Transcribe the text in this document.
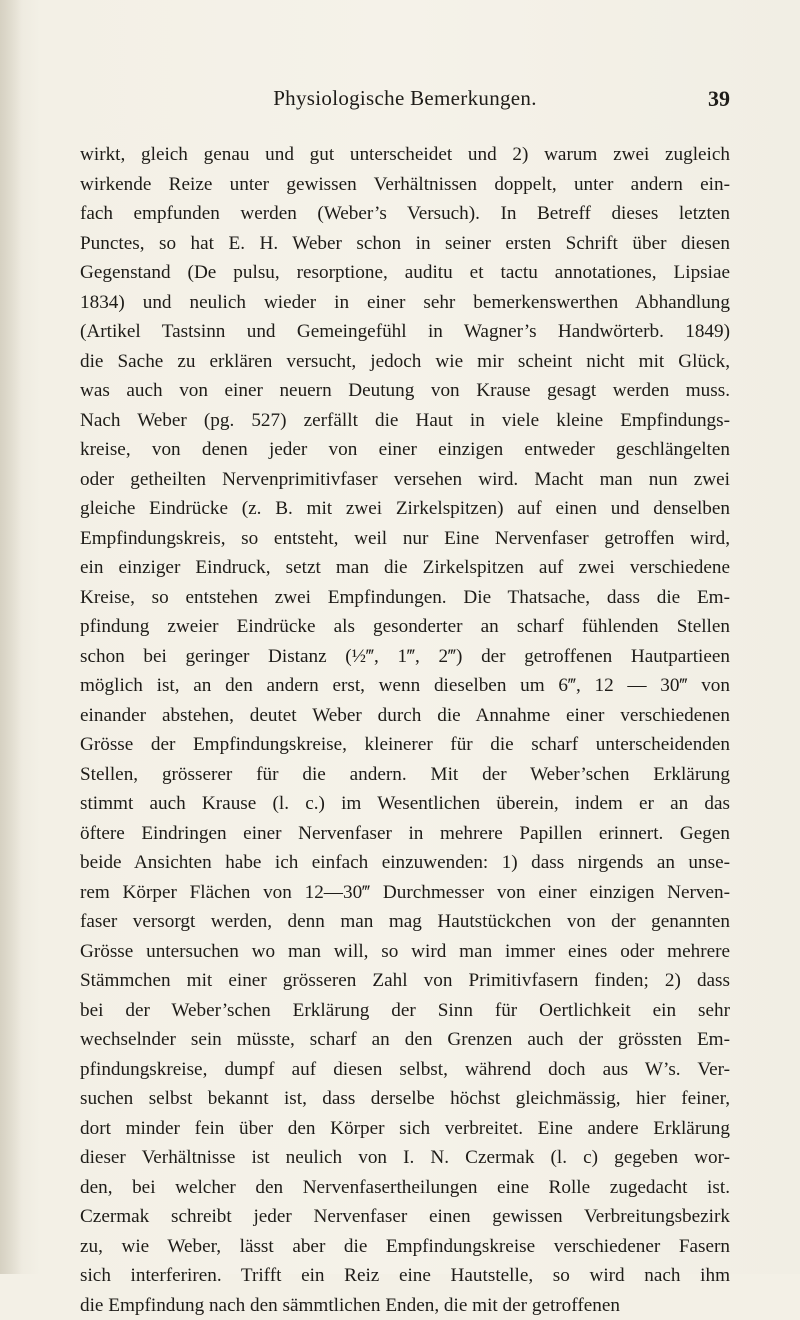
Physiologische Bemerkungen.	39
wirkt, gleich genau und gut unterscheidet und 2) warum zwei zugleich
wirkende Reize unter gewissen Verhältnissen doppelt, unter andern ein-
fach empfunden werden (Weber’s Versuch). In Betreff dieses letzten
Punctes, so hat E. H. Weber schon in seiner ersten Schrift über diesen
Gegenstand (De pulsu, resorptione, auditu et tactu annotationes, Lipsiae
1834) und neulich wieder in einer sehr bemerkenswerthen Abhandlung
(Artikel Tastsinn und Gemeingefühl in Wagner’s Handwörterb. 1849)
die Sache zu erklären versucht, jedoch wie mir scheint nicht mit Glück,
was auch von einer neuern Deutung von Krause gesagt werden muss.
Nach Weber (pg. 527) zerfällt die Haut in viele kleine Empfindungs-
kreise, von denen jeder von einer einzigen entweder geschlängelten
oder getheilten Nervenprimitivfaser versehen wird. Macht man nun zwei
gleiche Eindrücke (z. B. mit zwei Zirkelspitzen) auf einen und denselben
Empfindungskreis, so entsteht, weil nur Eine Nervenfaser getroffen wird,
ein einziger Eindruck, setzt man die Zirkelspitzen auf zwei verschiedene
Kreise, so entstehen zwei Empfindungen. Die Thatsache, dass die Em-
pfindung zweier Eindrücke als gesonderter an scharf fühlenden Stellen
schon bei geringer Distanz (½‴, 1‴, 2‴) der getroffenen Hautpartieen
möglich ist, an den andern erst, wenn dieselben um 6‴, 12 — 30‴ von
einander abstehen, deutet Weber durch die Annahme einer verschiedenen
Grösse der Empfindungskreise, kleinerer für die scharf unterscheidenden
Stellen, grösserer für die andern. Mit der Weber’schen Erklärung
stimmt auch Krause (l. c.) im Wesentlichen überein, indem er an das
öftere Eindringen einer Nervenfaser in mehrere Papillen erinnert. Gegen
beide Ansichten habe ich einfach einzuwenden: 1) dass nirgends an unse-
rem Körper Flächen von 12—30‴ Durchmesser von einer einzigen Nerven-
faser versorgt werden, denn man mag Hautstückchen von der genannten
Grösse untersuchen wo man will, so wird man immer eines oder mehrere
Stämmchen mit einer grösseren Zahl von Primitivfasern finden; 2) dass
bei der Weber’schen Erklärung der Sinn für Oertlichkeit ein sehr
wechselnder sein müsste, scharf an den Grenzen auch der grössten Em-
pfindungskreise, dumpf auf diesen selbst, während doch aus W’s. Ver-
suchen selbst bekannt ist, dass derselbe höchst gleichmässig, hier feiner,
dort minder fein über den Körper sich verbreitet. Eine andere Erklärung
dieser Verhältnisse ist neulich von I. N. Czermak (l. c) gegeben wor-
den, bei welcher den Nervenfasertheilungen eine Rolle zugedacht ist.
Czermak schreibt jeder Nervenfaser einen gewissen Verbreitungsbezirk
zu, wie Weber, lässt aber die Empfindungskreise verschiedener Fasern
sich interferiren. Trifft ein Reiz eine Hautstelle, so wird nach ihm
die Empfindung nach den sämmtlichen Enden, die mit der getroffenen
